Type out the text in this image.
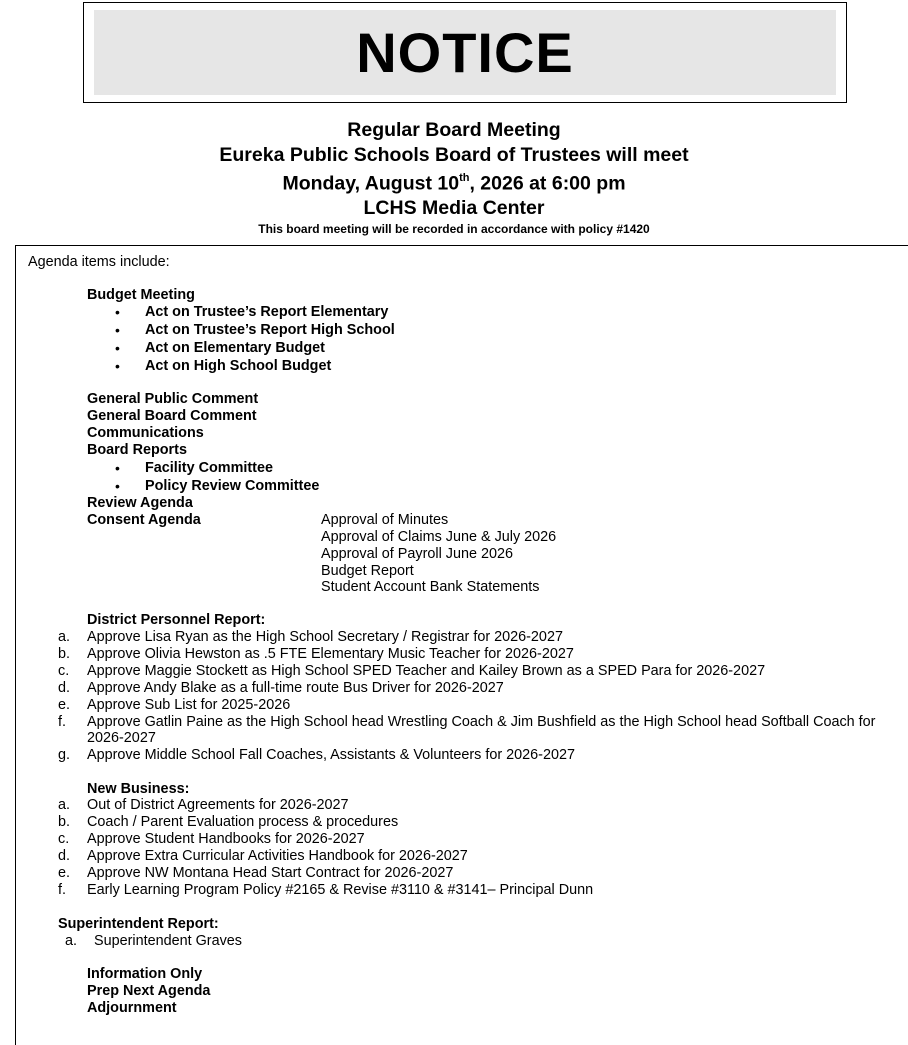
NOTICE
Regular Board Meeting
Eureka Public Schools Board of Trustees will meet
Monday, August 10th, 2026 at 6:00 pm
LCHS Media Center
This board meeting will be recorded in accordance with policy #1420
Agenda items include:
Budget Meeting
• Act on Trustee’s Report Elementary
• Act on Trustee’s Report High School
• Act on Elementary Budget
• Act on High School Budget
General Public Comment
General Board Comment
Communications
Board Reports
• Facility Committee
• Policy Review Committee
Review Agenda
Consent Agenda	Approval of Minutes
Approval of Claims June & July 2026
Approval of Payroll June 2026
Budget Report
Student Account Bank Statements
District Personnel Report:
a. Approve Lisa Ryan as the High School Secretary / Registrar for 2026-2027
b. Approve Olivia Hewston as .5 FTE Elementary Music Teacher for 2026-2027
c. Approve Maggie Stockett as High School SPED Teacher and Kailey Brown as a SPED Para for 2026-2027
d. Approve Andy Blake as a full-time route Bus Driver for 2026-2027
e. Approve Sub List for 2025-2026
f. Approve Gatlin Paine as the High School head Wrestling Coach & Jim Bushfield as the High School head Softball Coach for
2026-2027
g. Approve Middle School Fall Coaches, Assistants & Volunteers for 2026-2027
New Business:
a. Out of District Agreements for 2026-2027
b. Coach / Parent Evaluation process & procedures
c. Approve Student Handbooks for 2026-2027
d. Approve Extra Curricular Activities Handbook for 2026-2027
e. Approve NW Montana Head Start Contract for 2026-2027
f. Early Learning Program Policy #2165 & Revise #3110 & #3141– Principal Dunn
Superintendent Report:
a. Superintendent Graves
Information Only
Prep Next Agenda
Adjournment
